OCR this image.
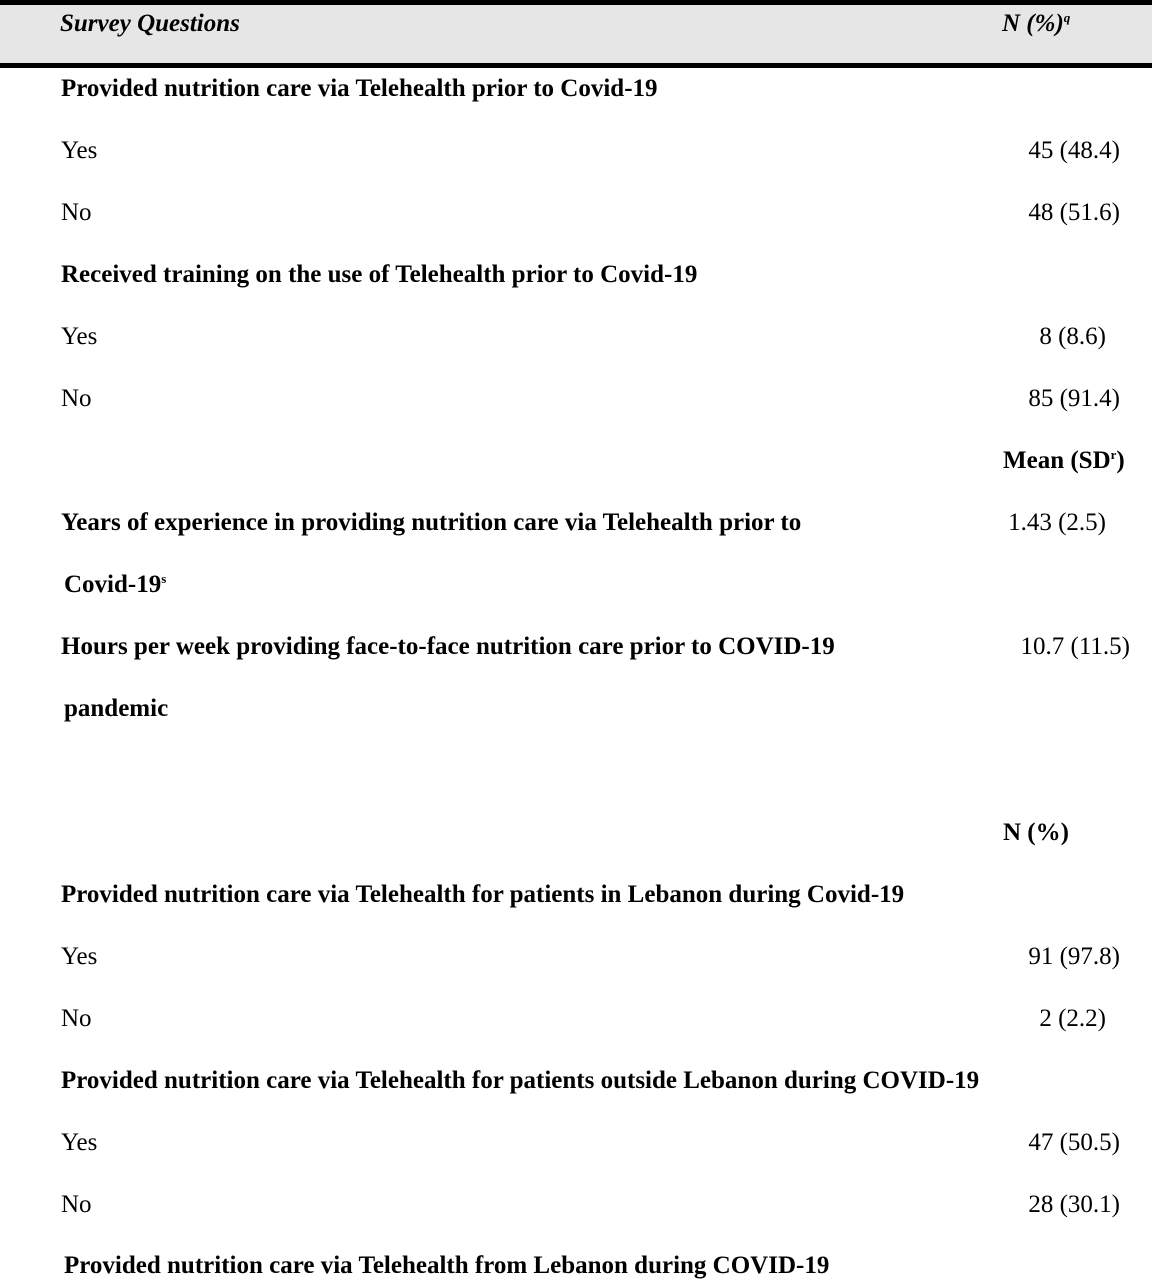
Survey Questions	N (%)$^q$
Provided nutrition care via Telehealth prior to Covid-19
Yes	45 (48.4)
No	48 (51.6)
Received training on the use of Telehealth prior to Covid-19
Yes	8 (8.6)
No	85 (91.4)
Mean $(SD^r)$
Years of experience in providing nutrition care via Telehealth prior to	1.43 (2.5)
Covid-19$^s$
Hours per week providing face-to-face nutrition care prior to COVID-19	10.7 (11.5)
pandemic
N (%)
Provided nutrition care via Telehealth for patients in Lebanon during Covid-19
Yes	91 (97.8)
No	2 (2.2)
Provided nutrition care via Telehealth for patients outside Lebanon during COVID-19
Yes	47 (50.5)
No	28 (30.1)
Provided nutrition care via Telehealth from Lebanon during COVID-19
